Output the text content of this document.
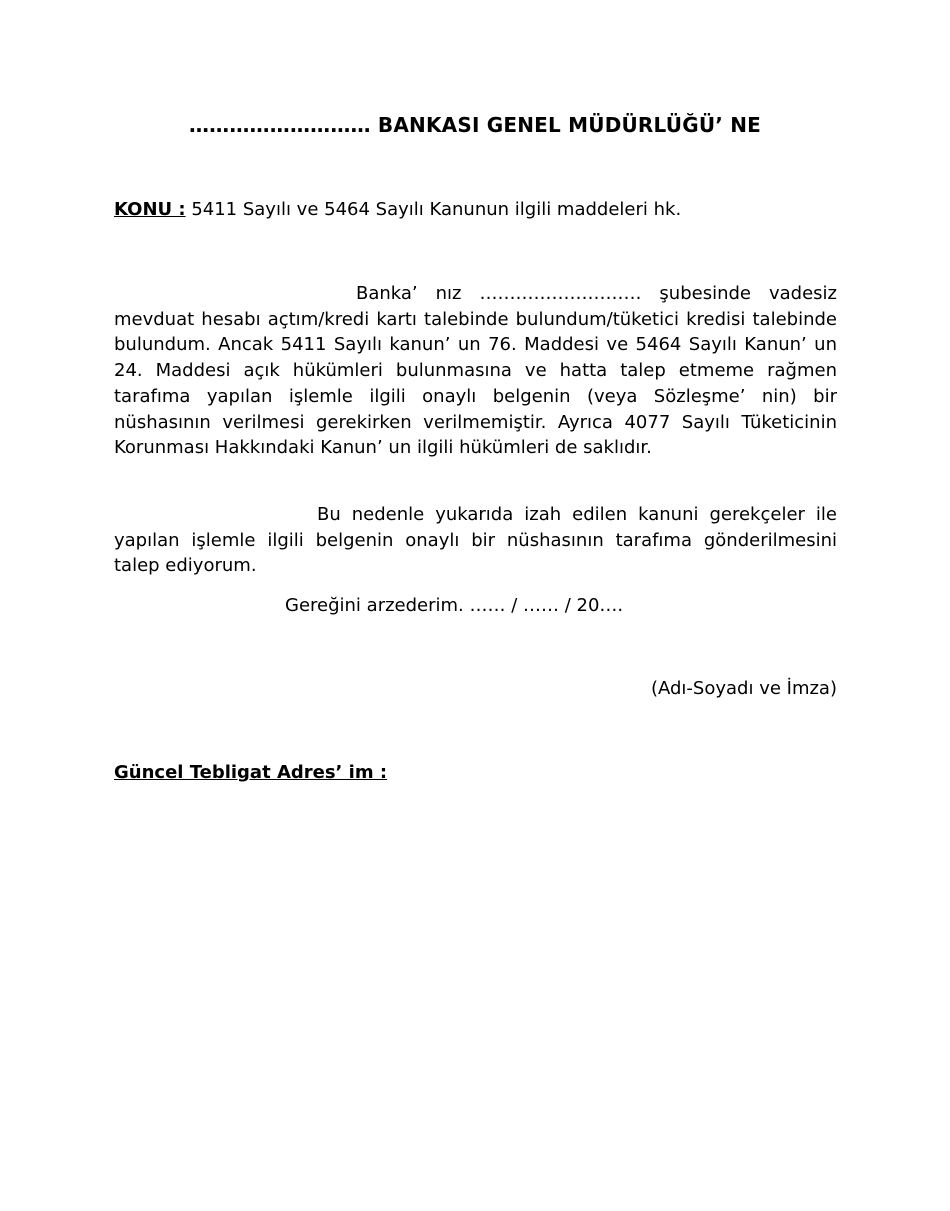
……………………… BANKASI GENEL MÜDÜRLÜĞÜ’ NE
KONU : 5411 Sayılı ve 5464 Sayılı Kanunun ilgili maddeleri hk.
Banka’ nız ……………………… şubesinde vadesiz mevduat hesabı açtım/kredi kartı talebinde bulundum/tüketici kredisi talebinde bulundum. Ancak 5411 Sayılı kanun’ un 76. Maddesi ve 5464 Sayılı Kanun’ un 24. Maddesi açık hükümleri bulunmasına ve hatta talep etmeme rağmen tarafıma yapılan işlemle ilgili onaylı belgenin (veya Sözleşme’ nin) bir nüshasının verilmesi gerekirken verilmemiştir. Ayrıca 4077 Sayılı Tüketicinin Korunması Hakkındaki Kanun’ un ilgili hükümleri de saklıdır.
Bu nedenle yukarıda izah edilen kanuni gerekçeler ile yapılan işlemle ilgili belgenin onaylı bir nüshasının tarafıma gönderilmesini talep ediyorum.
Gereğini arzederim. …… / …… / 20….
(Adı-Soyadı ve İmza)
Güncel Tebligat Adres’ im :
